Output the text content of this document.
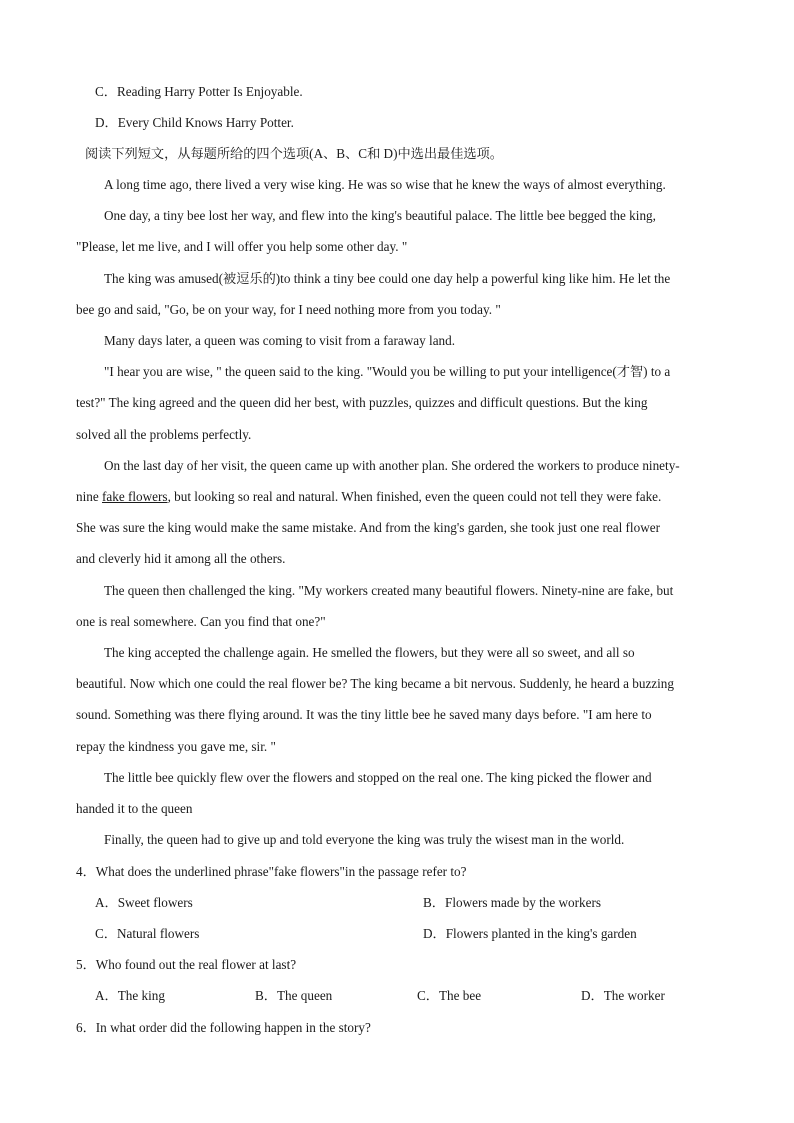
C．Reading Harry Potter Is Enjoyable.
D．Every Child Knows Harry Potter.
阅读下列短文，从每题所给的四个选项(A、B、C和 D)中选出最佳选项。
A long time ago, there lived a very wise king. He was so wise that he knew the ways of almost everything.
One day, a tiny bee lost her way, and flew into the king's beautiful palace. The little bee begged the king,
"Please, let me live, and I will offer you help some other day. "
The king was amused(被逗乐的)to think a tiny bee could one day help a powerful king like him. He let the
bee go and said, "Go, be on your way, for I need nothing more from you today. "
Many days later, a queen was coming to visit from a faraway land.
"I hear you are wise, " the queen said to the king. "Would you be willing to put your intelligence(才智) to a
test?" The king agreed and the queen did her best, with puzzles, quizzes and difficult questions. But the king
solved all the problems perfectly.
On the last day of her visit, the queen came up with another plan. She ordered the workers to produce ninety-
nine fake flowers, but looking so real and natural. When finished, even the queen could not tell they were fake.
She was sure the king would make the same mistake. And from the king's garden, she took just one real flower
and cleverly hid it among all the others.
The queen then challenged the king. "My workers created many beautiful flowers. Ninety-nine are fake, but
one is real somewhere. Can you find that one?"
The king accepted the challenge again. He smelled the flowers, but they were all so sweet, and all so
beautiful. Now which one could the real flower be? The king became a bit nervous. Suddenly, he heard a buzzing
sound. Something was there flying around. It was the tiny little bee he saved many days before. "I am here to
repay the kindness you gave me, sir. "
The little bee quickly flew over the flowers and stopped on the real one. The king picked the flower and
handed it to the queen
Finally, the queen had to give up and told everyone the king was truly the wisest man in the world.
4．What does the underlined phrase"fake flowers"in the passage refer to?
A．Sweet flowers	B．Flowers made by the workers
C．Natural flowers	D．Flowers planted in the king's garden
5．Who found out the real flower at last?
A．The king	B．The queen	C．The bee	D．The worker
6．In what order did the following happen in the story?
